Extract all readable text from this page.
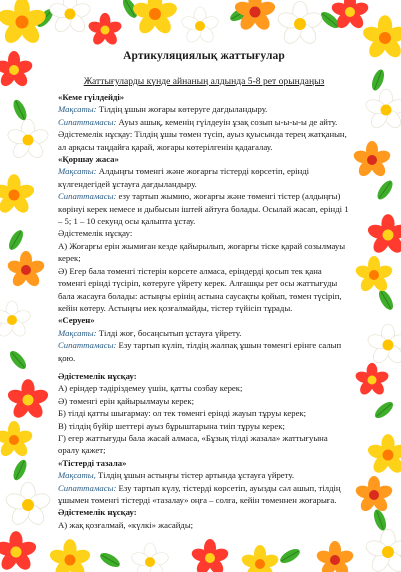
Артикуляциялық жаттығулар
Жаттығуларды күнде айнаның алдында 5-8 рет орындаңыз

«Кеме гүілдейді»

Мақсаты: Тілдің ұшын жоғары көтеруге дағдыландыру.

Сипаттамасы: Ауыз ашық, кеменің гүілдеуін ұзақ созып ы-ы-ы-ы де айту.

Әдістемелік нұсқау: Тілдің ұшы төмен түсіп, ауыз қуысында терең жатқанын, ал арқасы таңдайға қарай, жоғары көтерілгенін қадағалау.

«Қоршау жаса»

Мақсаты: Алдыңғы төменгі және жоғарғы тістерді көрсетіп, ерінді күлгендегідей ұстауға дағдыландыру.

Сипаттамасы: езу тартып жымию, жоғарғы және төменгі тістер (алдыңғы) көрінуі керек немесе и дыбысын іштей айтуға болады. Осылай жасап, ерінді 1 – 5; 1 – 10 секунд осы қалыпта ұстау.

Әдістемелік нұсқау:

А) Жоғарғы ерін жымиған кезде қайырылып, жоғарғы тіске қарай созылмауы керек;

Ә) Егер бала төменгі тістерін көрсете алмаса, еріндерді қосып тек қана төменгі ерінді түсіріп, көтеруге үйрету керек. Алғашқы рет осы жаттығуды бала жасауға болады: астыңғы ерінің астына саусақты қойып, төмен түсіріп, кейін көтеру. Астыңғы иек қозғалмайды, тістер түйісіп тұрады.

«Серуен»

Мақсаты: Тілді жоғ, босаңсытып ұстауға үйрету.

Сипаттамасы: Езу тартып күліп, тілдің жалпақ ұшын төменгі ерінге салып қою.

Әдістемелік нұсқау:

А) еріндер тәдіріздемеу үшін, қатты созбау керек;

Ә) төменгі ерін қайырылмауы керек;

Б) тілді қатты шығармау: ол тек төменгі ерінді жауып тұруы керек;

В) тілдің бүйір шеттері ауыз бұрыштарына тиіп тұруы керек;

Г) егер жаттығуды бала жасай алмаса, «Бұзық тілді жазала» жаттығуына оралу қажет;

«Тістерді тазала»

Мақсаты, Тілдің ұшын астыңғы тістер артында ұстауға үйрету.

Сипаттамасы: Езу тартып күлу, тістерді көрсетіп, ауызды сәл ашып, тілдің ұшымен төменгі тістерді «тазалау» оңға – солға, кейін төменнен жоғарыға.

Әдістемелік нұсқау:

А) жақ қозғалмай, «күлкі» жасайды;
